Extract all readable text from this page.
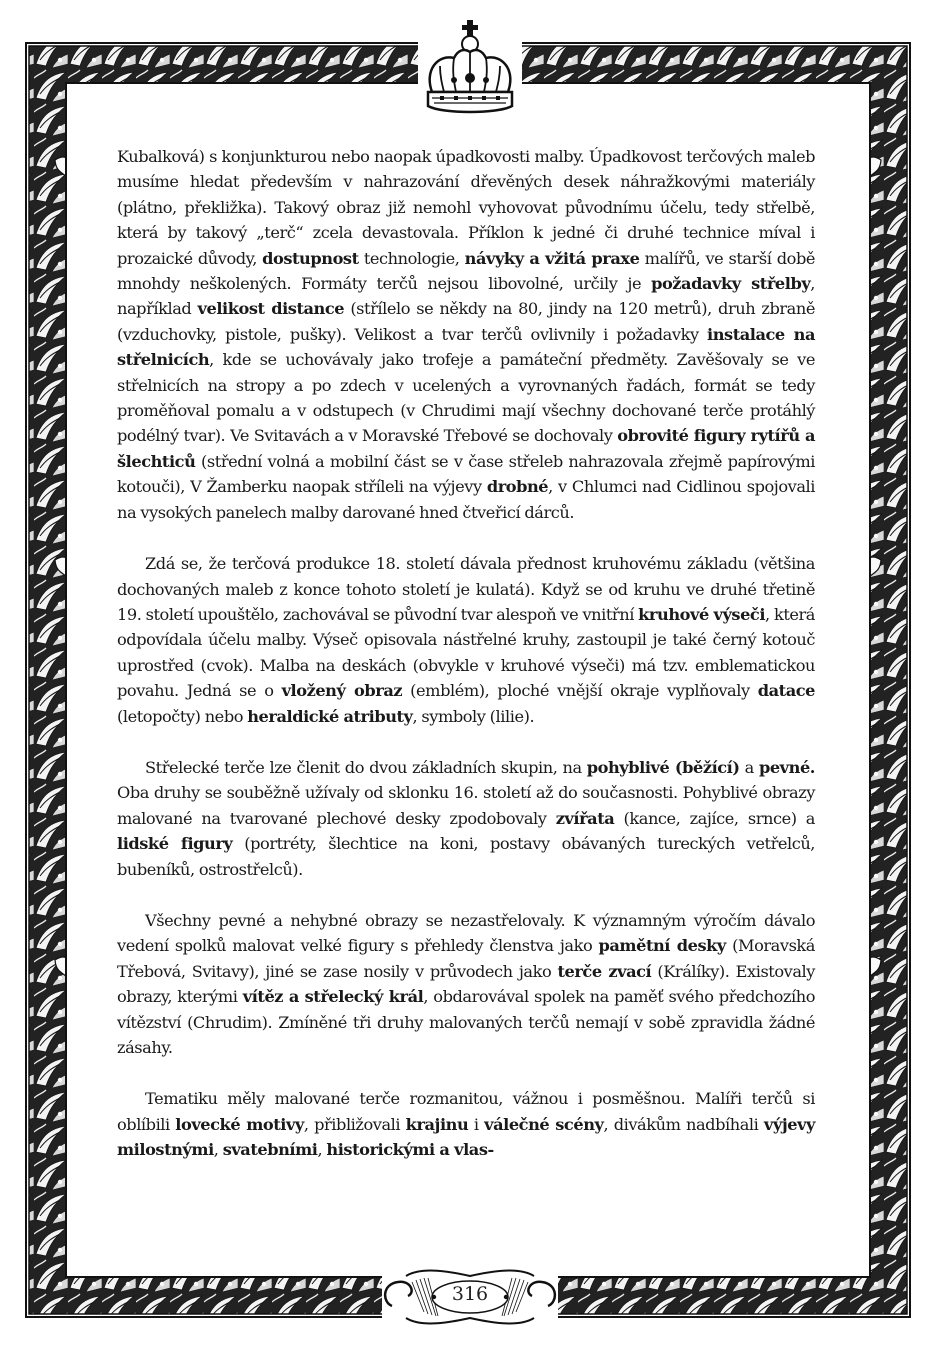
316

Kubalková) s konjunkturou nebo naopak úpadkovosti malby. Úpadkovost terčových maleb musíme hledat především v nahrazování dřevěných desek náhražkovými materiály (plátno, překližka). Takový obraz již nemohl vyhovovat původnímu účelu, tedy střelbě, která by takový „terč“ zcela devastovala. Příklon k jedné či druhé technice míval i prozaické důvody, dostupnost technologie, návyky a vžitá praxe malířů, ve starší době mnohdy neškolených. Formáty terčů nejsou libovolné, určily je požadavky střelby, například velikost distance (střílelo se někdy na 80, jindy na 120 metrů), druh zbraně (vzduchovky, pistole, pušky). Velikost a tvar terčů ovlivnily i požadavky instalace na střelnicích, kde se uchovávaly jako trofeje a památeční předměty. Zavěšovaly se ve střelnicích na stropy a po zdech v ucelených a vyrovnaných řadách, formát se tedy proměňoval pomalu a v odstupech (v Chrudimi mají všechny dochované terče protáhlý podélný tvar). Ve Svitavách a v Moravské Třebové se dochovaly obrovité figury rytířů a šlechticů (střední volná a mobilní část se v čase střeleb nahrazovala zřejmě papírovými kotouči), V Žamberku naopak stříleli na výjevy drobné, v Chlumci nad Cidlinou spojovali na vysokých panelech malby darované hned čtveřicí dárců.

Zdá se, že terčová produkce 18. století dávala přednost kruhovému základu (většina dochovaných maleb z konce tohoto století je kulatá). Když se od kruhu ve druhé třetině 19. století upouštělo, zachovával se původní tvar alespoň ve vnitřní kruhové výseči, která odpovídala účelu malby. Výseč opisovala nástřelné kruhy, zastoupil je také černý kotouč uprostřed (cvok). Malba na deskách (obvykle v kruhové výseči) má tzv. emblematickou povahu. Jedná se o vložený obraz (emblém), ploché vnější okraje vyplňovaly datace (letopočty) nebo heraldické atributy, symboly (lilie).

Střelecké terče lze členit do dvou základních skupin, na pohyblivé (běžící) a pevné. Oba druhy se souběžně užívaly od sklonku 16. století až do současnosti. Pohyblivé obrazy malované na tvarované plechové desky zpodobovaly zvířata (kance, zajíce, srnce) a lidské figury (portréty, šlechtice na koni, postavy obávaných tureckých vetřelců, bubeníků, ostrostřelců).

Všechny pevné a nehybné obrazy se nezastřelovaly. K významným výročím dávalo vedení spolků malovat velké figury s přehledy členstva jako pamětní desky (Moravská Třebová, Svitavy), jiné se zase nosily v průvodech jako terče zvací (Králíky). Existovaly obrazy, kterými vítěz a střelecký král, obdarovával spolek na paměť svého předchozího vítězství (Chrudim). Zmíněné tři druhy malovaných terčů nemají v sobě zpravidla žádné zásahy.

Tematiku měly malované terče rozmanitou, vážnou i posměšnou. Malíři terčů si oblíbili lovecké motivy, přibližovali krajinu i válečné scény, divákům nadbíhali výjevy milostnými, svatebními, historickými a vlas-
